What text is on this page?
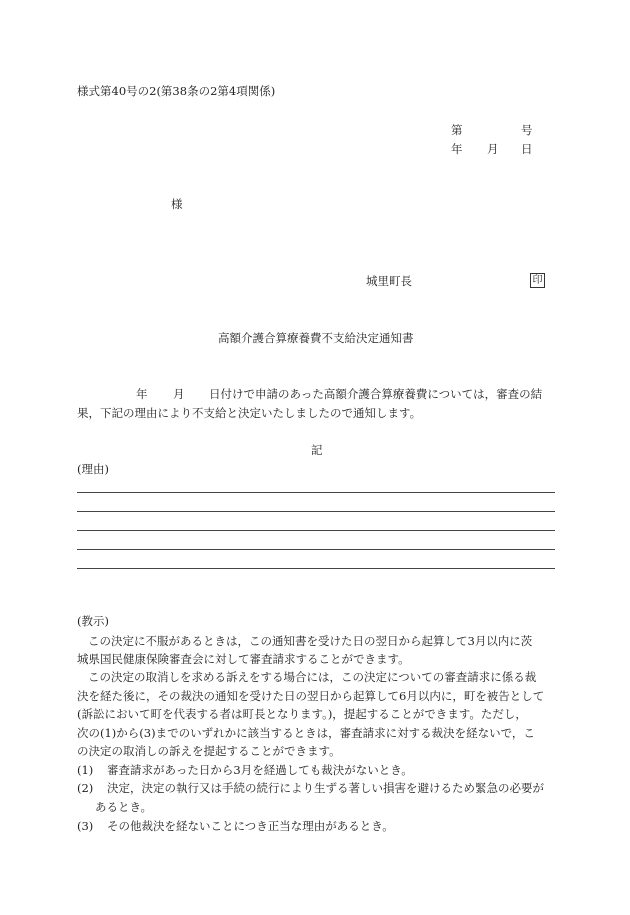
様式第40号の2(第38条の2第4項関係)
第	号
年 月 日
様
城里町長	印
高額介護合算療養費不支給決定通知書
年 月 日付けで申請のあった高額介護合算療養費については，審査の結
果，下記の理由により不支給と決定いたしましたので通知します。
記
(理由)
(教示)
この決定に不服があるときは，この通知書を受けた日の翌日から起算して3月以内に茨
城県国民健康保険審査会に対して審査請求することができます。
この決定の取消しを求める訴えをする場合には，この決定についての審査請求に係る裁
決を経た後に，その裁決の通知を受けた日の翌日から起算して6月以内に，町を被告として
(訴訟において町を代表する者は町長となります。)，提起することができます。ただし，
次の(1)から(3)までのいずれかに該当するときは，審査請求に対する裁決を経ないで，こ
の決定の取消しの訴えを提起することができます。
(1) 審査請求があった日から3月を経過しても裁決がないとき。
(2) 決定，決定の執行又は手続の続行により生ずる著しい損害を避けるため緊急の必要が
あるとき。
(3) その他裁決を経ないことにつき正当な理由があるとき。
